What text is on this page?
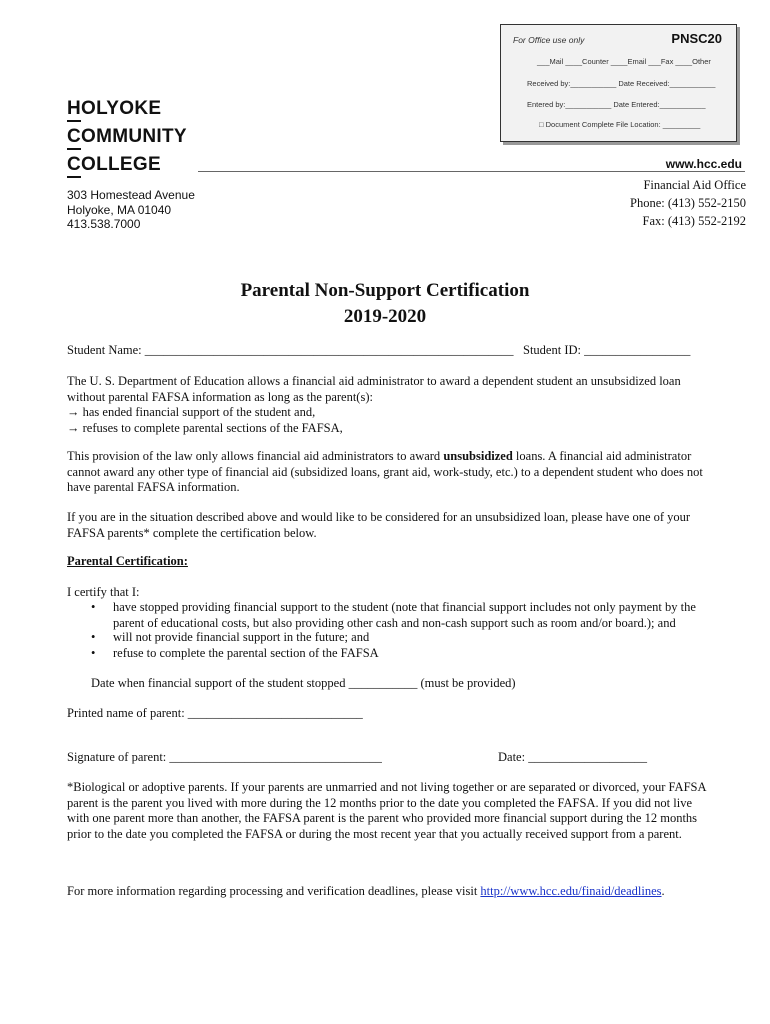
For Office use only	PNSC20
___Mail ____Counter ____Email ___Fax ____Other
Received by:___________ Date Received:___________
Entered by:___________ Date Entered:___________
□ Document Complete File Location: _________
HOLYOKE
COMMUNITY
COLLEGE	www.hcc.edu
303 Homestead Avenue
Holyoke, MA 01040
413.538.7000
Financial Aid Office
Phone: (413) 552-2150
Fax: (413) 552-2192
Parental Non-Support Certification
2019-2020
Student Name: ___________________________________________________________ Student ID: _________________
The U. S. Department of Education allows a financial aid administrator to award a dependent student an unsubsidized loan without parental FAFSA information as long as the parent(s):
→ has ended financial support of the student and,
→ refuses to complete parental sections of the FAFSA,
This provision of the law only allows financial aid administrators to award unsubsidized loans. A financial aid administrator cannot award any other type of financial aid (subsidized loans, grant aid, work-study, etc.) to a dependent student who does not have parental FAFSA information.
If you are in the situation described above and would like to be considered for an unsubsidized loan, please have one of your FAFSA parents* complete the certification below.
Parental Certification:
I certify that I:
•	have stopped providing financial support to the student (note that financial support includes not only payment by the parent of educational costs, but also providing other cash and non-cash support such as room and/or board.); and
•	will not provide financial support in the future; and
•	refuse to complete the parental section of the FAFSA
Date when financial support of the student stopped ___________ (must be provided)
Printed name of parent: ____________________________
Signature of parent: __________________________________	Date: ___________________
*Biological or adoptive parents. If your parents are unmarried and not living together or are separated or divorced, your FAFSA parent is the parent you lived with more during the 12 months prior to the date you completed the FAFSA. If you did not live with one parent more than another, the FAFSA parent is the parent who provided more financial support during the 12 months prior to the date you completed the FAFSA or during the most recent year that you actually received support from a parent.
For more information regarding processing and verification deadlines, please visit http://www.hcc.edu/finaid/deadlines.
